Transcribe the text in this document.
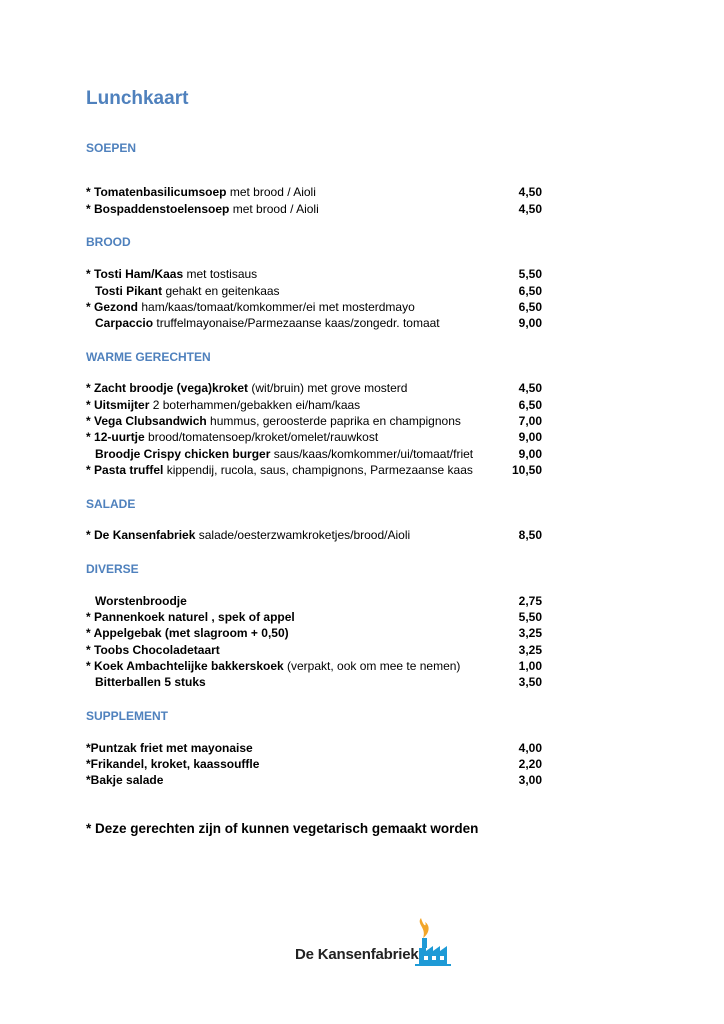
Lunchkaart
SOEPEN
* Tomatenbasilicumsoep met brood / Aioli	4,50
* Bospaddenstoelensoep met brood / Aioli	4,50
BROOD
* Tosti Ham/Kaas met tostisaus	5,50
Tosti Pikant gehakt en geitenkaas	6,50
* Gezond ham/kaas/tomaat/komkommer/ei met mosterdmayo	6,50
Carpaccio truffelmayonaise/Parmezaanse kaas/zongedr. tomaat	9,00
WARME GERECHTEN
* Zacht broodje (vega)kroket (wit/bruin) met grove mosterd	4,50
* Uitsmijter 2 boterhammen/gebakken ei/ham/kaas	6,50
* Vega Clubsandwich hummus, geroosterde paprika en champignons	7,00
* 12-uurtje brood/tomatensoep/kroket/omelet/rauwkost	9,00
Broodje Crispy chicken burger saus/kaas/komkommer/ui/tomaat/friet	9,00
* Pasta truffel kippendij, rucola, saus, champignons, Parmezaanse kaas	10,50
SALADE
* De Kansenfabriek salade/oesterzwamkroketjes/brood/Aioli	8,50
DIVERSE
Worstenbroodje	2,75
* Pannenkoek naturel , spek of appel	5,50
* Appelgebak (met slagroom + 0,50)	3,25
* Toobs Chocoladetaart	3,25
* Koek Ambachtelijke bakkerskoek (verpakt, ook om mee te nemen)	1,00
Bitterballen 5 stuks	3,50
SUPPLEMENT
*Puntzak friet met mayonaise	4,00
*Frikandel, kroket, kaassouffle	2,20
*Bakje salade	3,00
* Deze gerechten zijn of kunnen vegetarisch gemaakt worden
De Kansenfabriek
